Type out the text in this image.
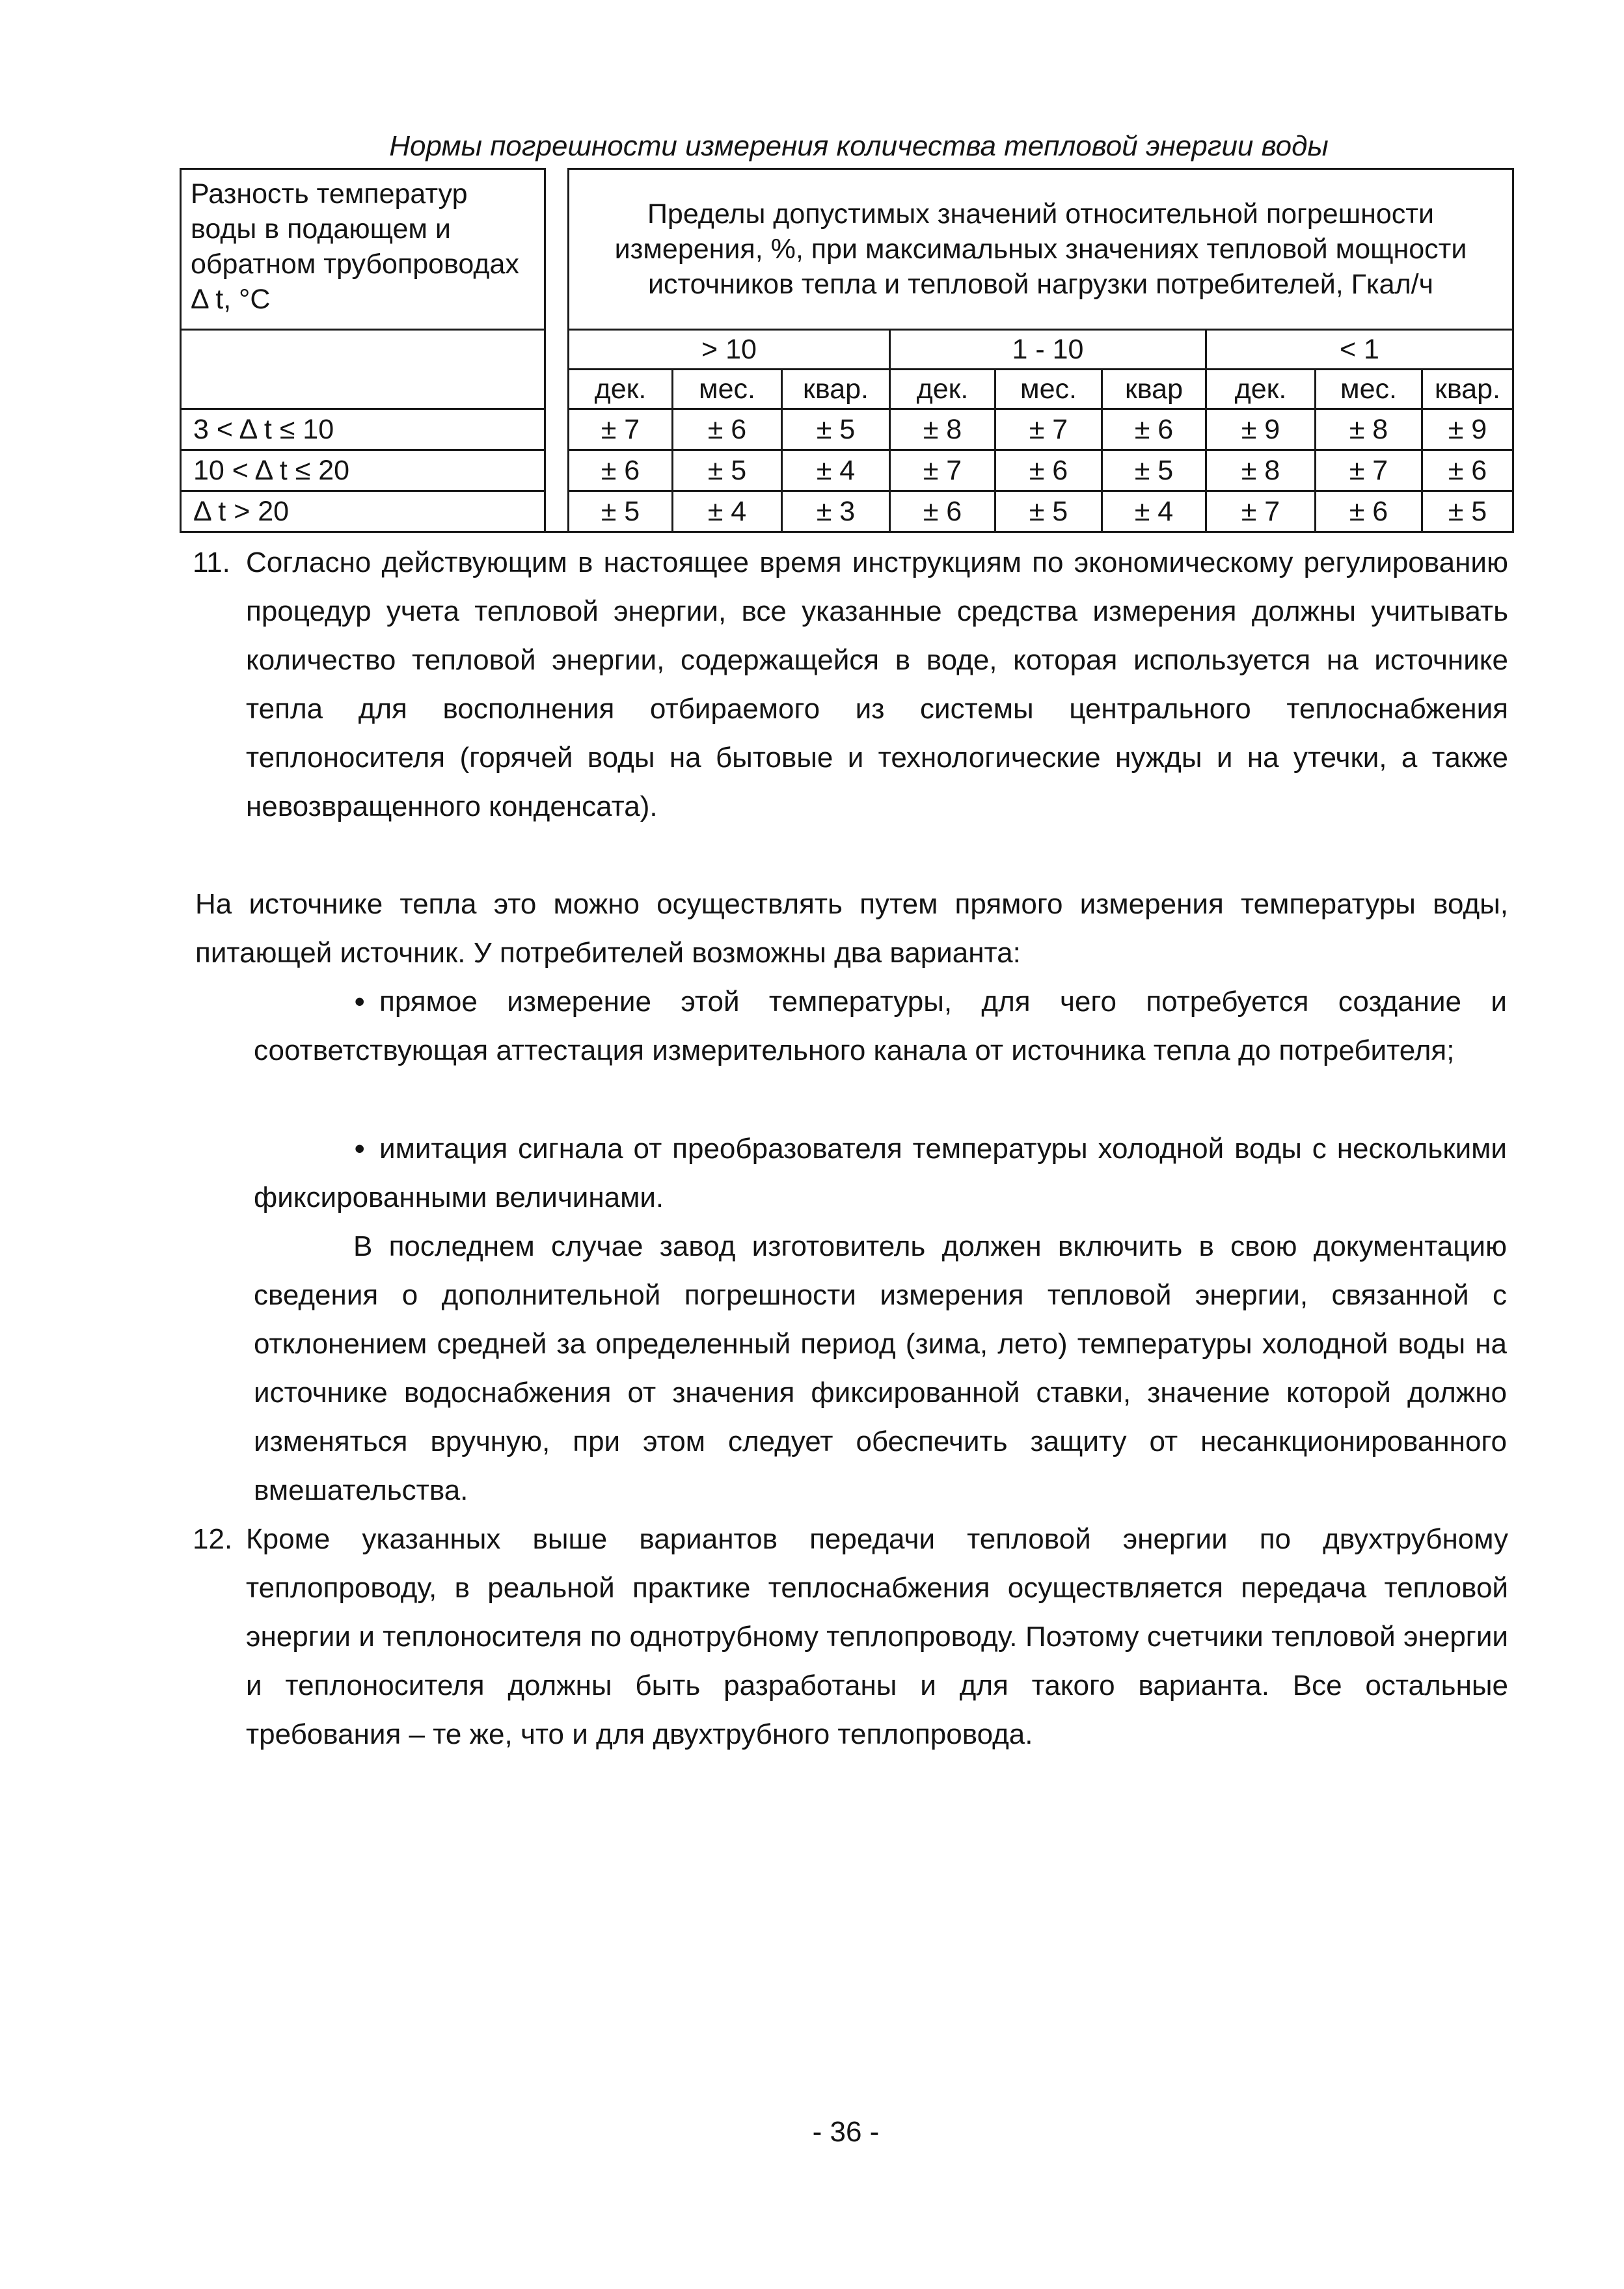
Нормы погрешности измерения количества тепловой энергии воды
Разность температур воды в подающем и обратном трубопроводах Δ t, °C		Пределы допустимых значений относительной погрешности измерения, %, при максимальных значениях тепловой мощности источников тепла и тепловой нагрузки потребителей, Гкал/ч								
		> 10			1 - 10			< 1		
		дек.	мес.	квар.	дек.	мес.	квар	дек.	мес.	квар.
3 < Δ t ≤ 10		± 7	± 6	± 5	± 8	± 7	± 6	± 9	± 8	± 9
10 < Δ t ≤ 20		± 6	± 5	± 4	± 7	± 6	± 5	± 8	± 7	± 6
Δ t > 20		± 5	± 4	± 3	± 6	± 5	± 4	± 7	± 6	± 5
11. Согласно действующим в настоящее время инструкциям по экономическому регулированию процедур учета тепловой энергии, все указанные средства измерения должны учитывать количество тепловой энергии, содержащейся в воде, которая используется на источнике тепла для восполнения отбираемого из системы центрального теплоснабжения теплоносителя (горячей воды на бытовые и технологические нужды и на утечки, а также невозвращенного конденсата).
На источнике тепла это можно осуществлять путем прямого измерения температуры воды, питающей источник. У потребителей возможны два варианта:
• прямое измерение этой температуры, для чего потребуется создание и соответствующая аттестация измерительного канала от источника тепла до потребителя;
• имитация сигнала от преобразователя температуры холодной воды с несколькими фиксированными величинами.
В последнем случае завод изготовитель должен включить в свою документацию сведения о дополнительной погрешности измерения тепловой энергии, связанной с отклонением средней за определенный период (зима, лето) температуры холодной воды на источнике водоснабжения от значения фиксированной ставки, значение которой должно изменяться вручную, при этом следует обеспечить защиту от несанкционированного вмешательства.
12. Кроме указанных выше вариантов передачи тепловой энергии по двухтрубному теплопроводу, в реальной практике теплоснабжения осуществляется передача тепловой энергии и теплоносителя по однотрубному теплопроводу. Поэтому счетчики тепловой энергии и теплоносителя должны быть разработаны и для такого варианта. Все остальные требования – те же, что и для двухтрубного теплопровода.
- 36 -
